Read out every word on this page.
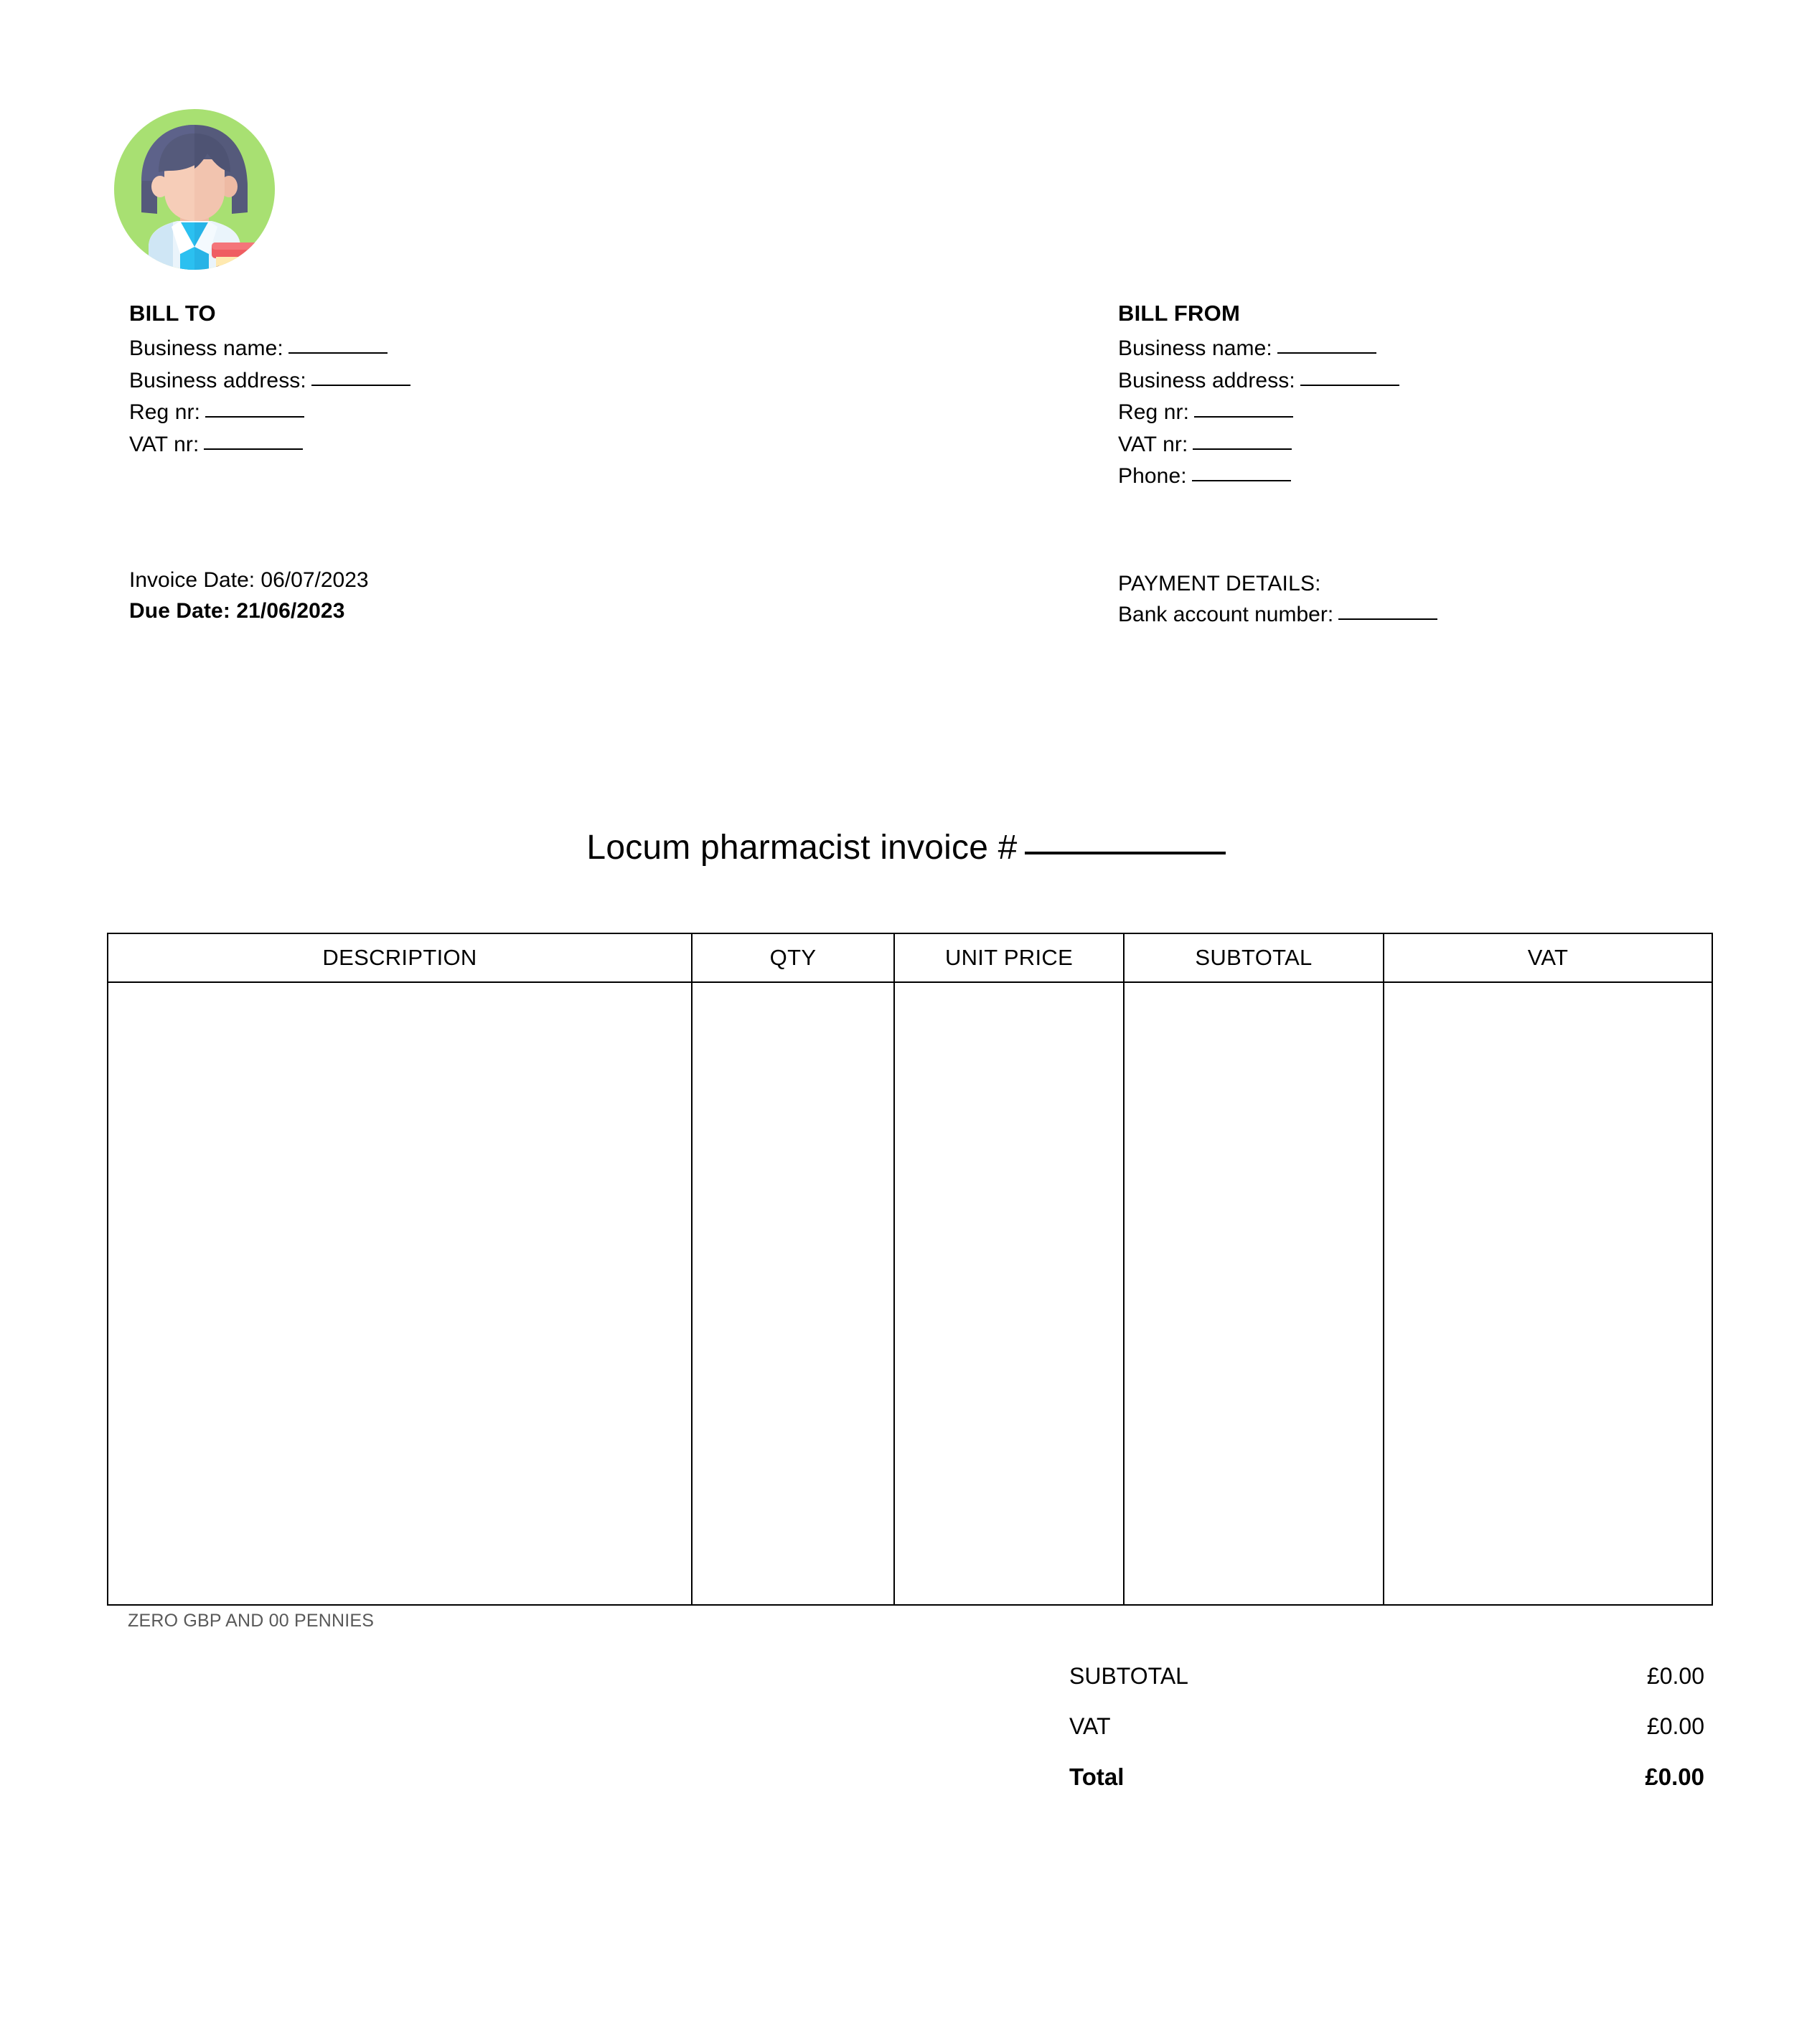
BILL TO
Business name:
Business address:
Reg nr:
VAT nr:
BILL FROM
Business name:
Business address:
Reg nr:
VAT nr:
Phone:
Invoice Date: 06/07/2023
Due Date: 21/06/2023
PAYMENT DETAILS:
Bank account number:
Locum pharmacist invoice #
DESCRIPTION	QTY	UNIT PRICE	SUBTOTAL	VAT

ZERO GBP AND 00 PENNIES
SUBTOTAL	£0.00
VAT	£0.00
Total	£0.00
